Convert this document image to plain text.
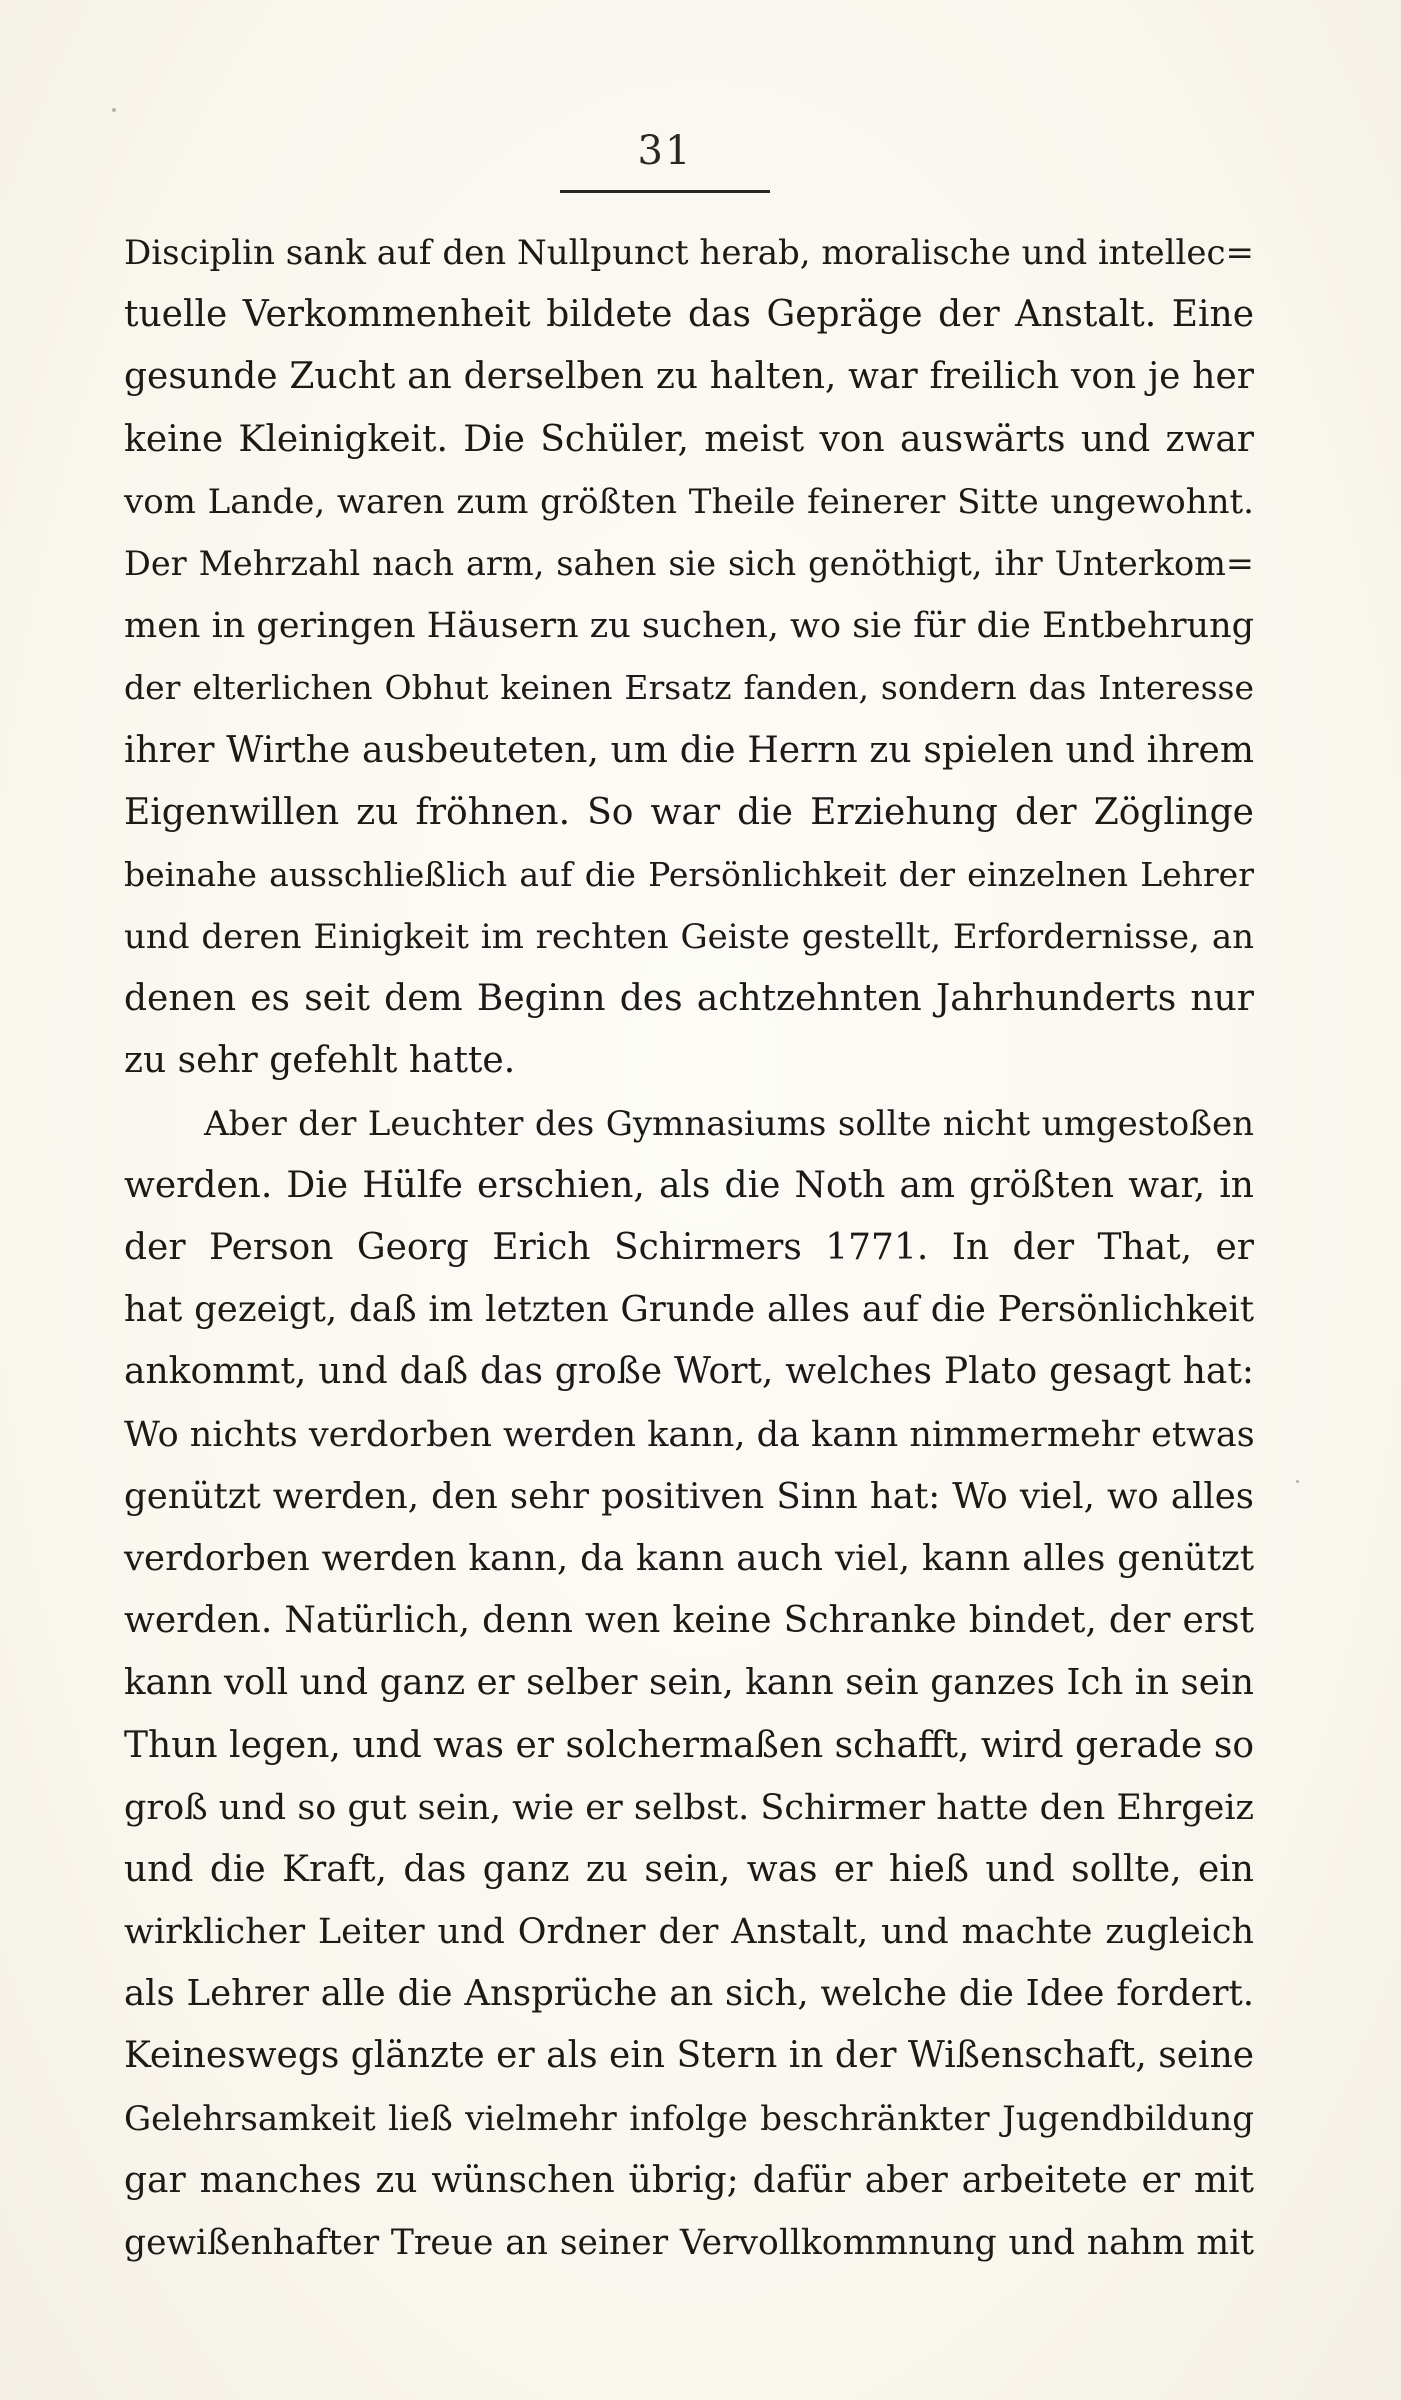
31
Disciplin sank auf den Nullpunct herab, moralische und intellec=
tuelle Verkommenheit bildete das Gepräge der Anstalt. Eine
gesunde Zucht an derselben zu halten, war freilich von je her
keine Kleinigkeit. Die Schüler, meist von auswärts und zwar
vom Lande, waren zum größten Theile feinerer Sitte ungewohnt.
Der Mehrzahl nach arm, sahen sie sich genöthigt, ihr Unterkom=
men in geringen Häusern zu suchen, wo sie für die Entbehrung
der elterlichen Obhut keinen Ersatz fanden, sondern das Interesse
ihrer Wirthe ausbeuteten, um die Herrn zu spielen und ihrem
Eigenwillen zu fröhnen. So war die Erziehung der Zöglinge
beinahe ausschließlich auf die Persönlichkeit der einzelnen Lehrer
und deren Einigkeit im rechten Geiste gestellt, Erfordernisse, an
denen es seit dem Beginn des achtzehnten Jahrhunderts nur
zu sehr gefehlt hatte.
Aber der Leuchter des Gymnasiums sollte nicht umgestoßen
werden. Die Hülfe erschien, als die Noth am größten war, in
der Person Georg Erich Schirmers 1771. In der That, er
hat gezeigt, daß im letzten Grunde alles auf die Persönlichkeit
ankommt, und daß das große Wort, welches Plato gesagt hat:
Wo nichts verdorben werden kann, da kann nimmermehr etwas
genützt werden, den sehr positiven Sinn hat: Wo viel, wo alles
verdorben werden kann, da kann auch viel, kann alles genützt
werden. Natürlich, denn wen keine Schranke bindet, der erst
kann voll und ganz er selber sein, kann sein ganzes Ich in sein
Thun legen, und was er solchermaßen schafft, wird gerade so
groß und so gut sein, wie er selbst. Schirmer hatte den Ehrgeiz
und die Kraft, das ganz zu sein, was er hieß und sollte, ein
wirklicher Leiter und Ordner der Anstalt, und machte zugleich
als Lehrer alle die Ansprüche an sich, welche die Idee fordert.
Keineswegs glänzte er als ein Stern in der Wißenschaft, seine
Gelehrsamkeit ließ vielmehr infolge beschränkter Jugendbildung
gar manches zu wünschen übrig; dafür aber arbeitete er mit
gewißenhafter Treue an seiner Vervollkommnung und nahm mit
